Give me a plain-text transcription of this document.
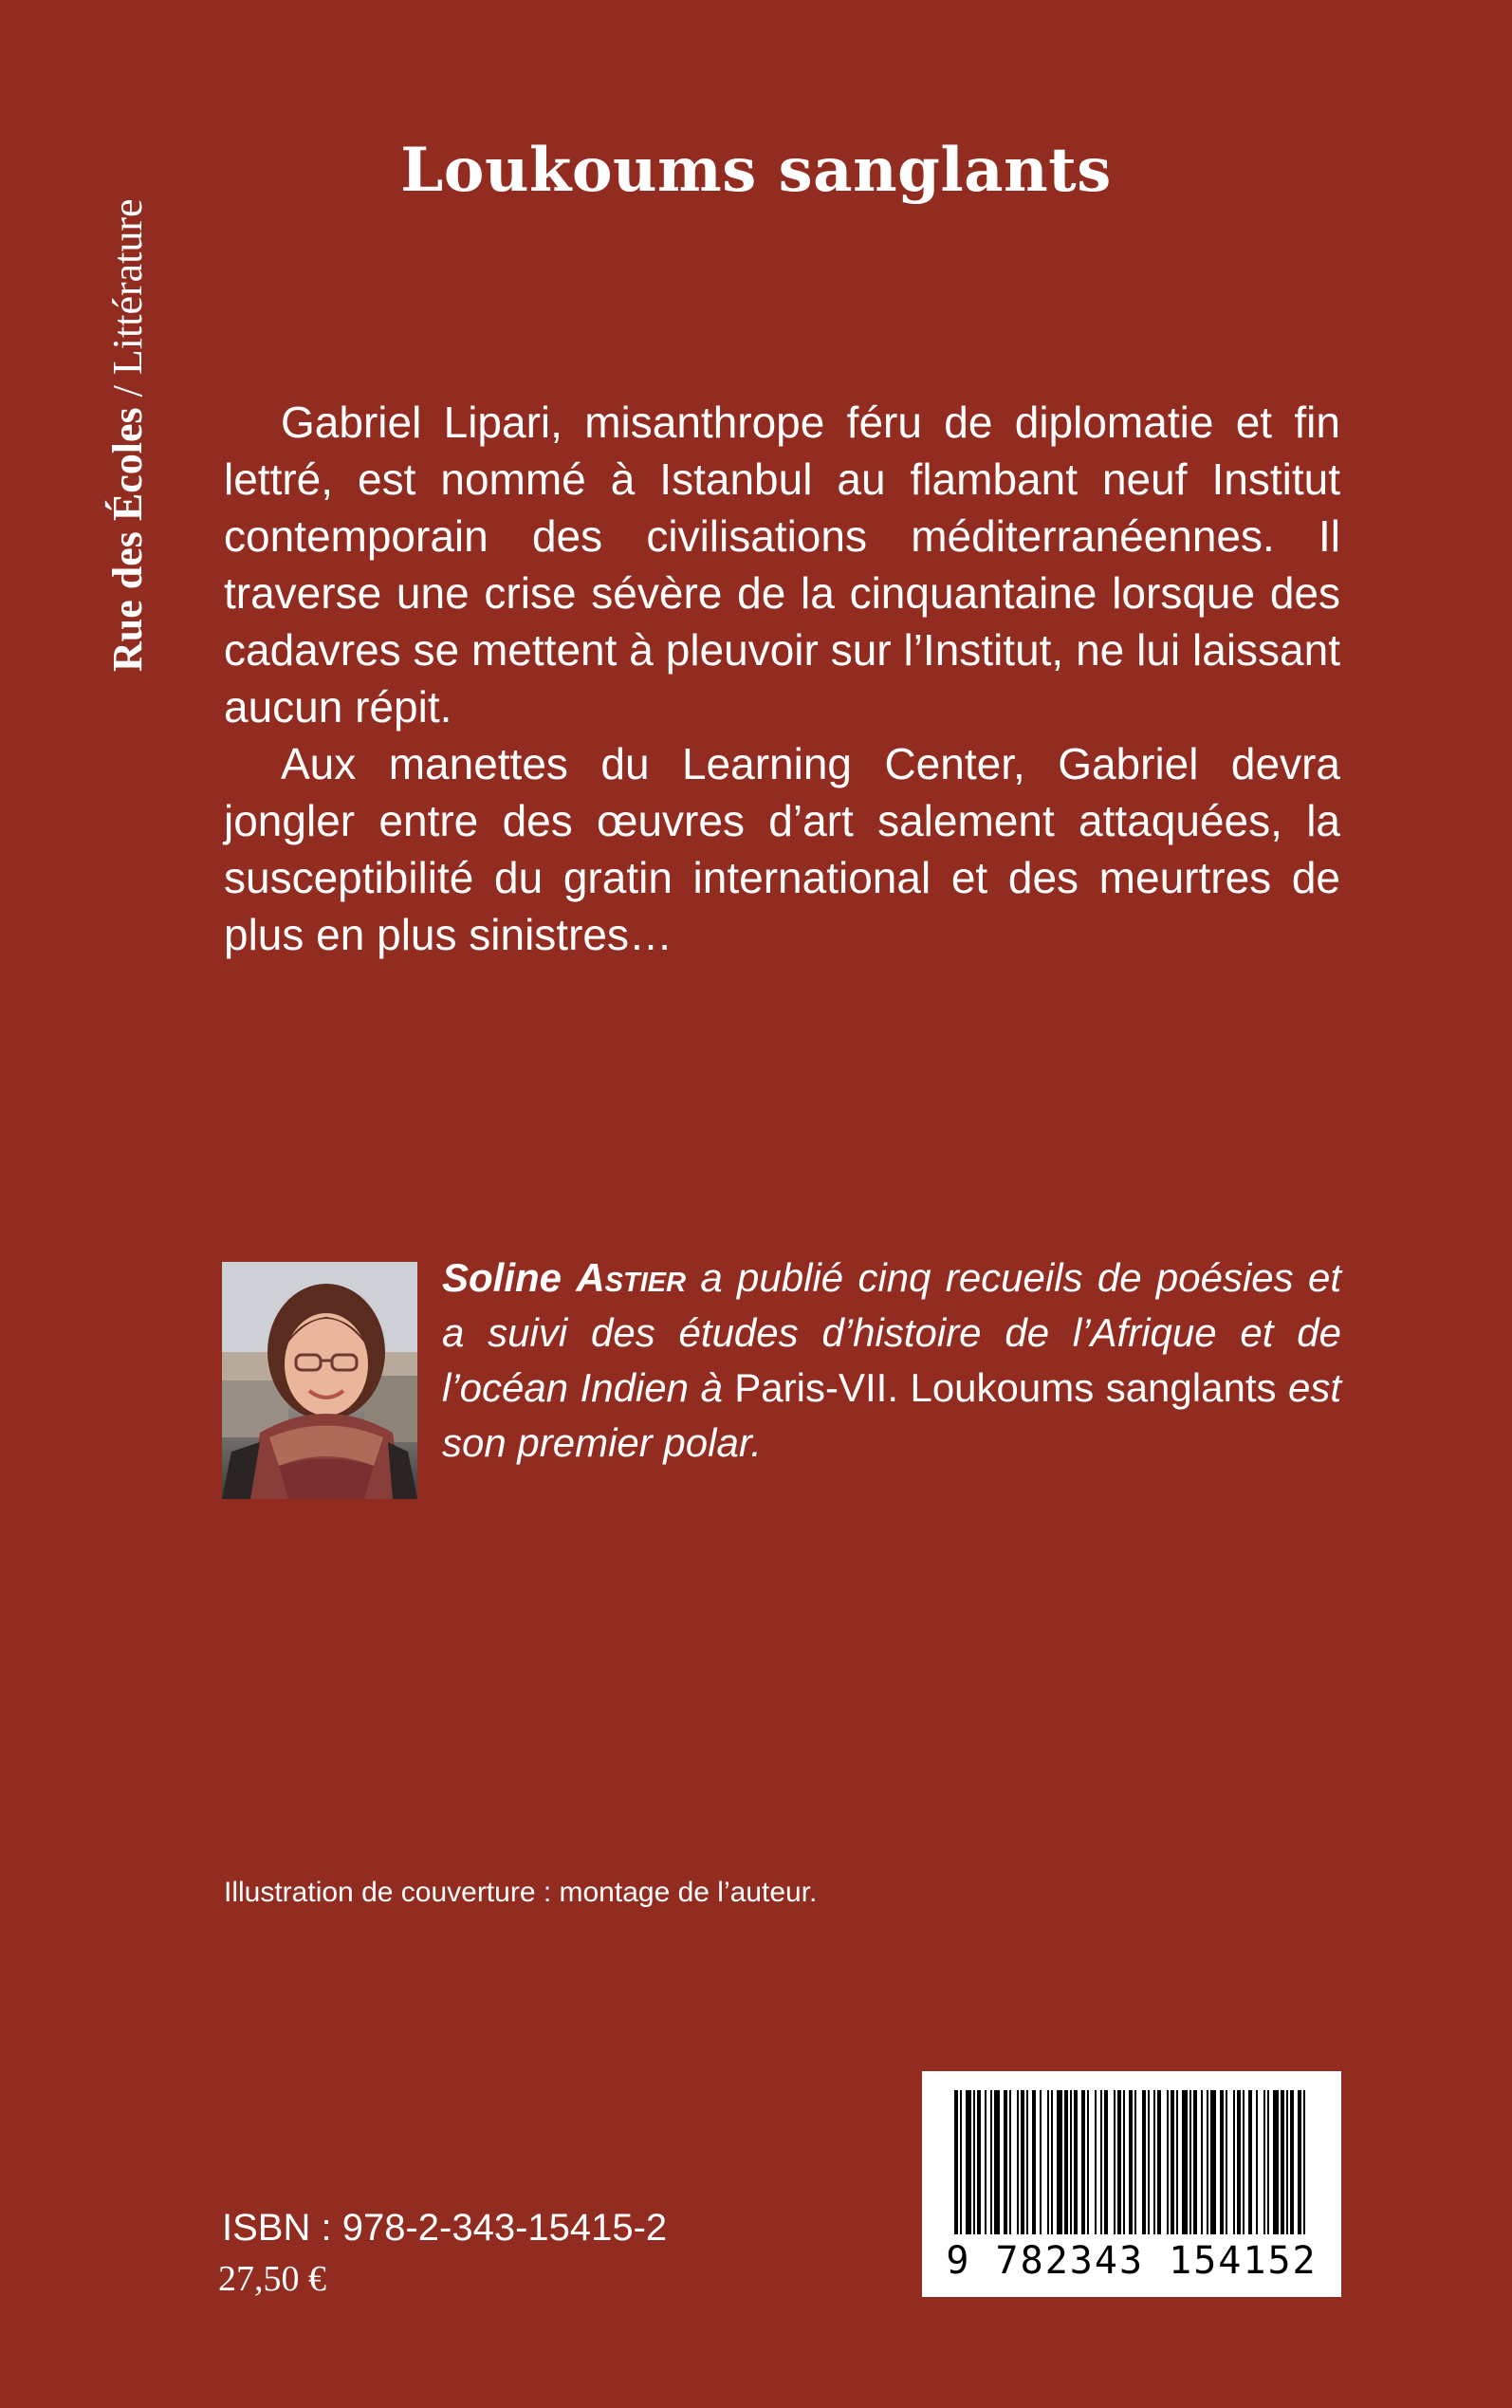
Rue des Écoles / Littérature
Loukoums sanglants

Gabriel Lipari, misanthrope féru de diplomatie et fin lettré, est nommé à Istanbul au flambant neuf Institut contemporain des civilisations méditerranéennes. Il traverse une crise sévère de la cinquantaine lorsque des cadavres se mettent à pleuvoir sur l’Institut, ne lui laissant aucun répit.

Aux manettes du Learning Center, Gabriel devra jongler entre des œuvres d’art salement attaquées, la susceptibilité du gratin international et des meurtres de plus en plus sinistres…

Soline Astier a publié cinq recueils de poésies et a suivi des études d’histoire de l’Afrique et de l’océan Indien à Paris-VII. Loukoums sanglants est son premier polar.

Illustration de couverture : montage de l’auteur.
ISBN : 978-2-343-15415-2
27,50 €	9 782343 154152
